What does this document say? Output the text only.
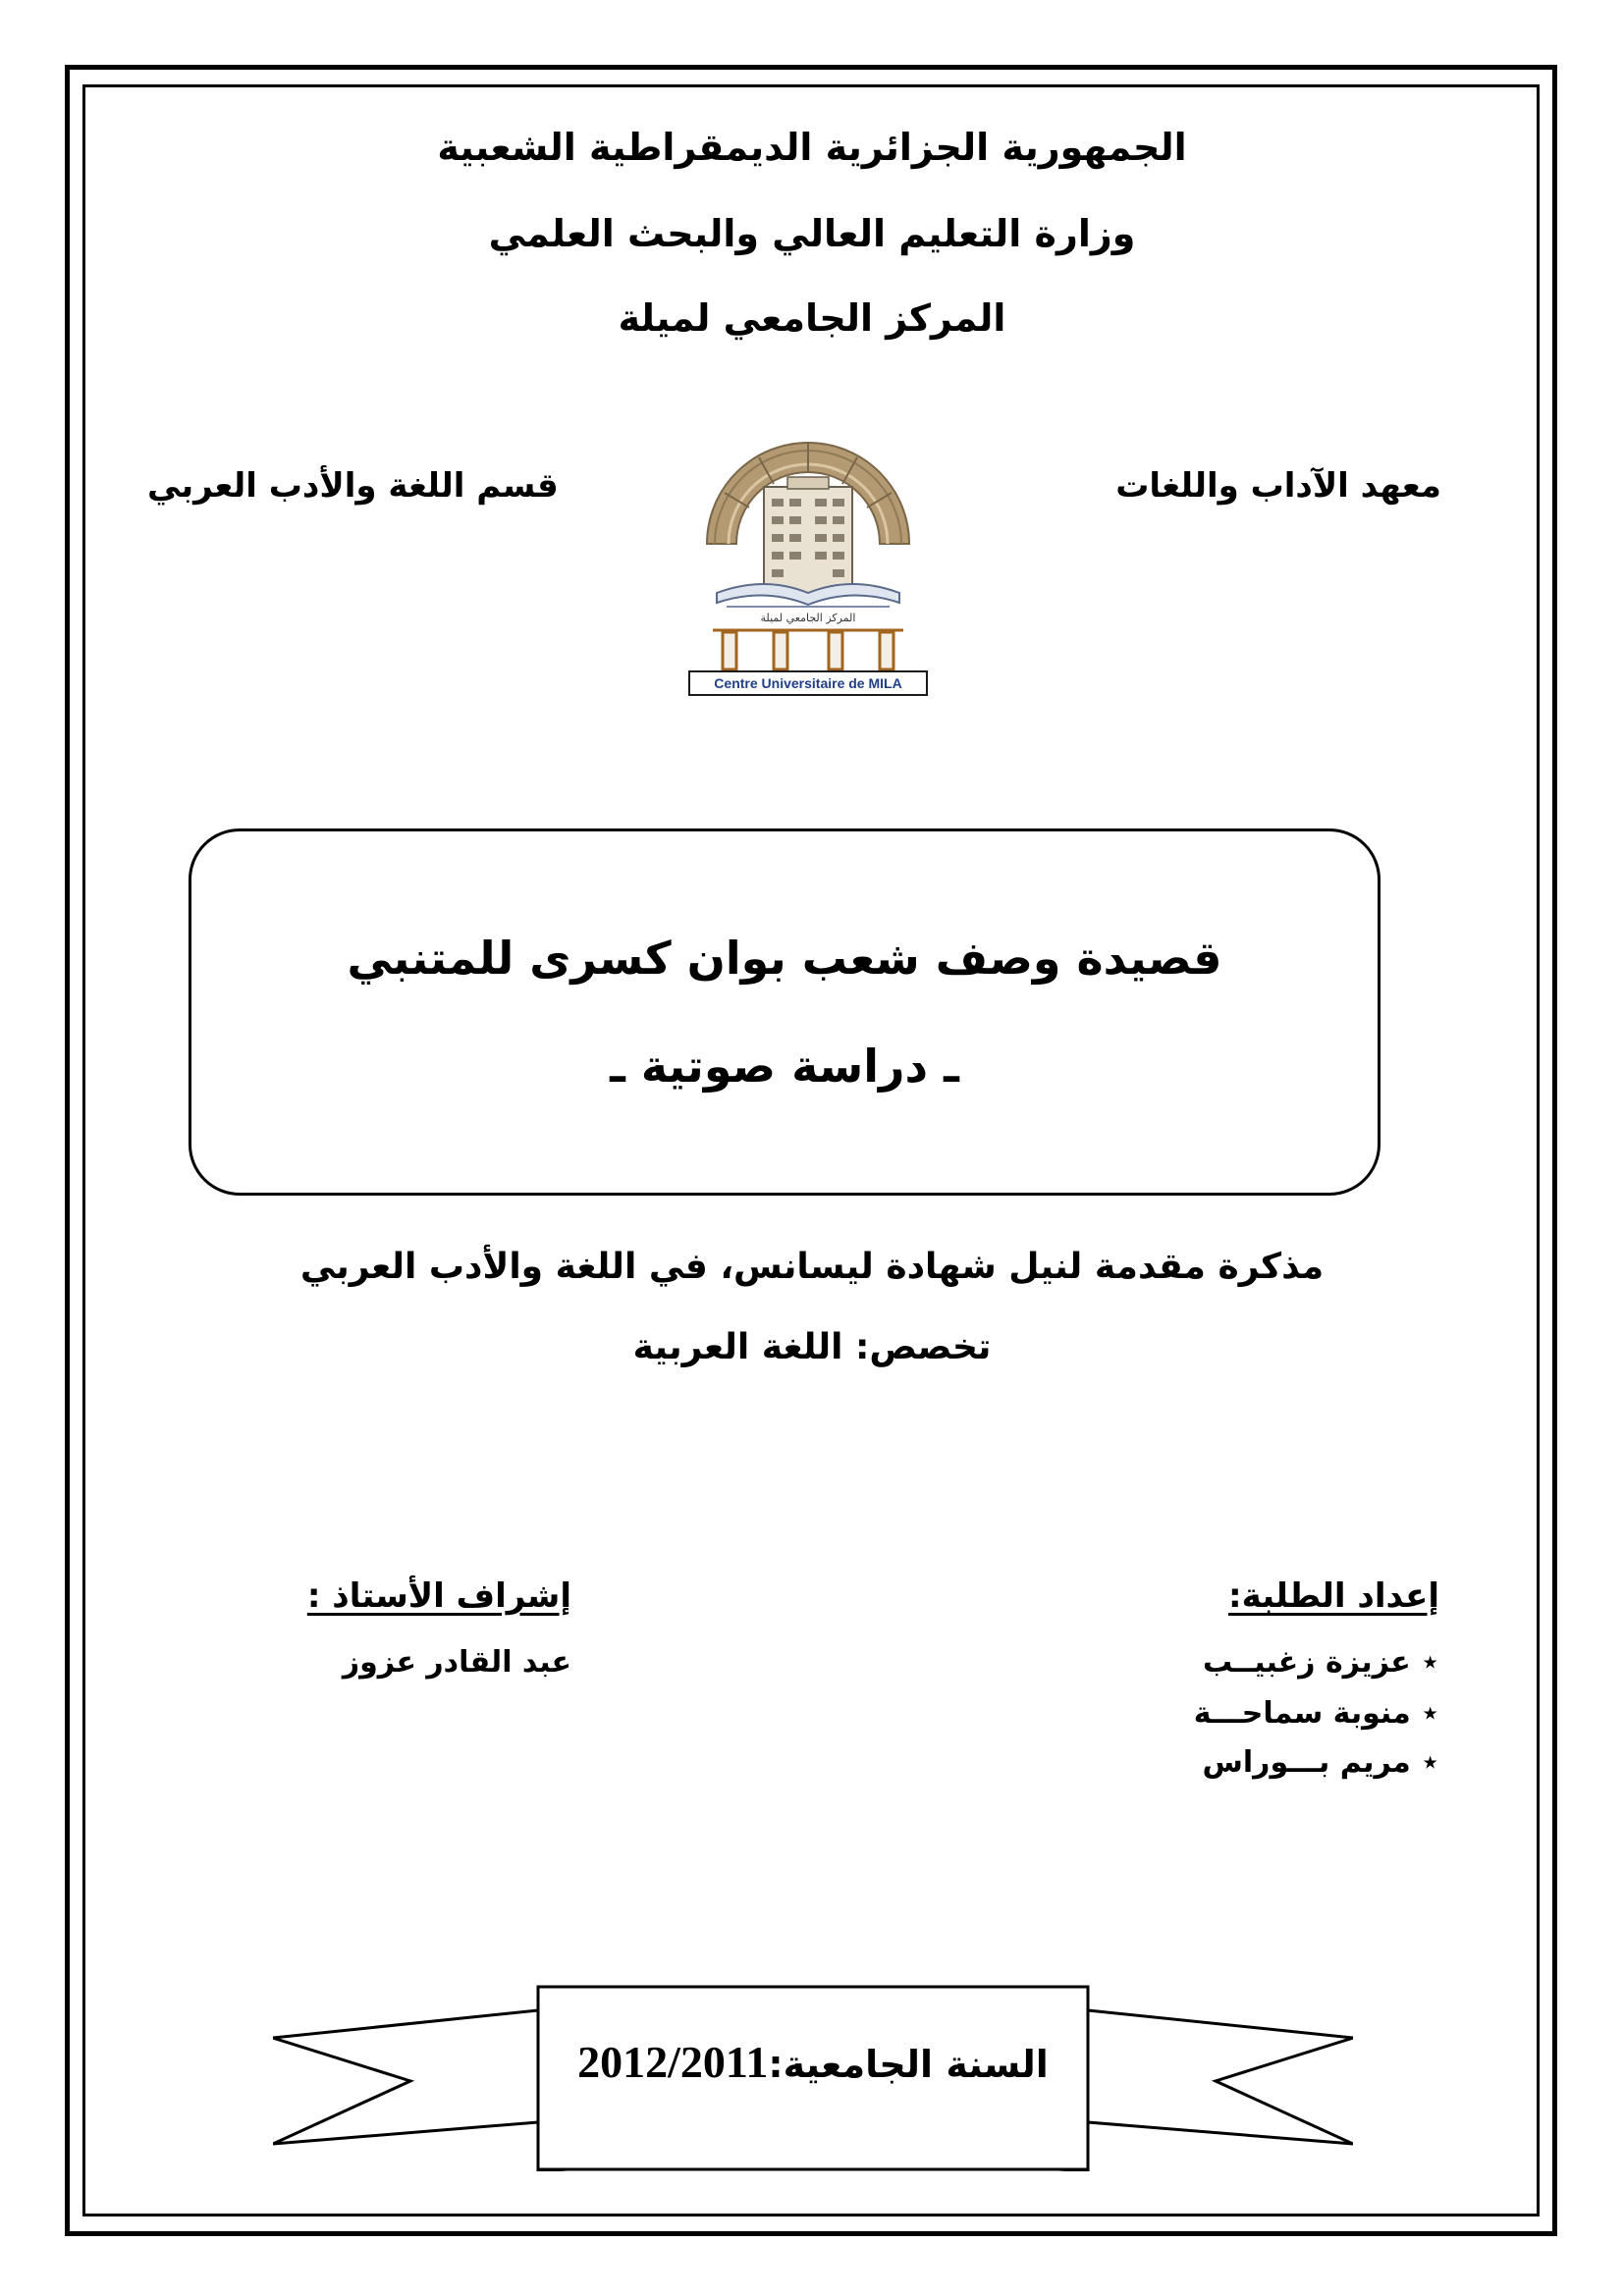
الجمهورية الجزائرية الديمقراطية الشعبية
وزارة التعليم العالي والبحث العلمي
المركز الجامعي لميلة
معهد الآداب واللغات
قسم اللغة والأدب العربي
المركز الجامعي لميلة
Centre Universitaire de MILA
قصيدة وصف شعب بوان كسرى للمتنبي
ـ دراسة صوتية ـ
مذكرة مقدمة لنيل شهادة ليسانس، في اللغة والأدب العربي
تخصص: اللغة العربية
إعداد الطلبة:
⋆ عزيزة زغبيــب
⋆ منوبة سماحـــة
⋆ مريم بـــوراس
إشراف الأستاذ :
عبد القادر عزوز
2012/2011السنة الجامعية:
